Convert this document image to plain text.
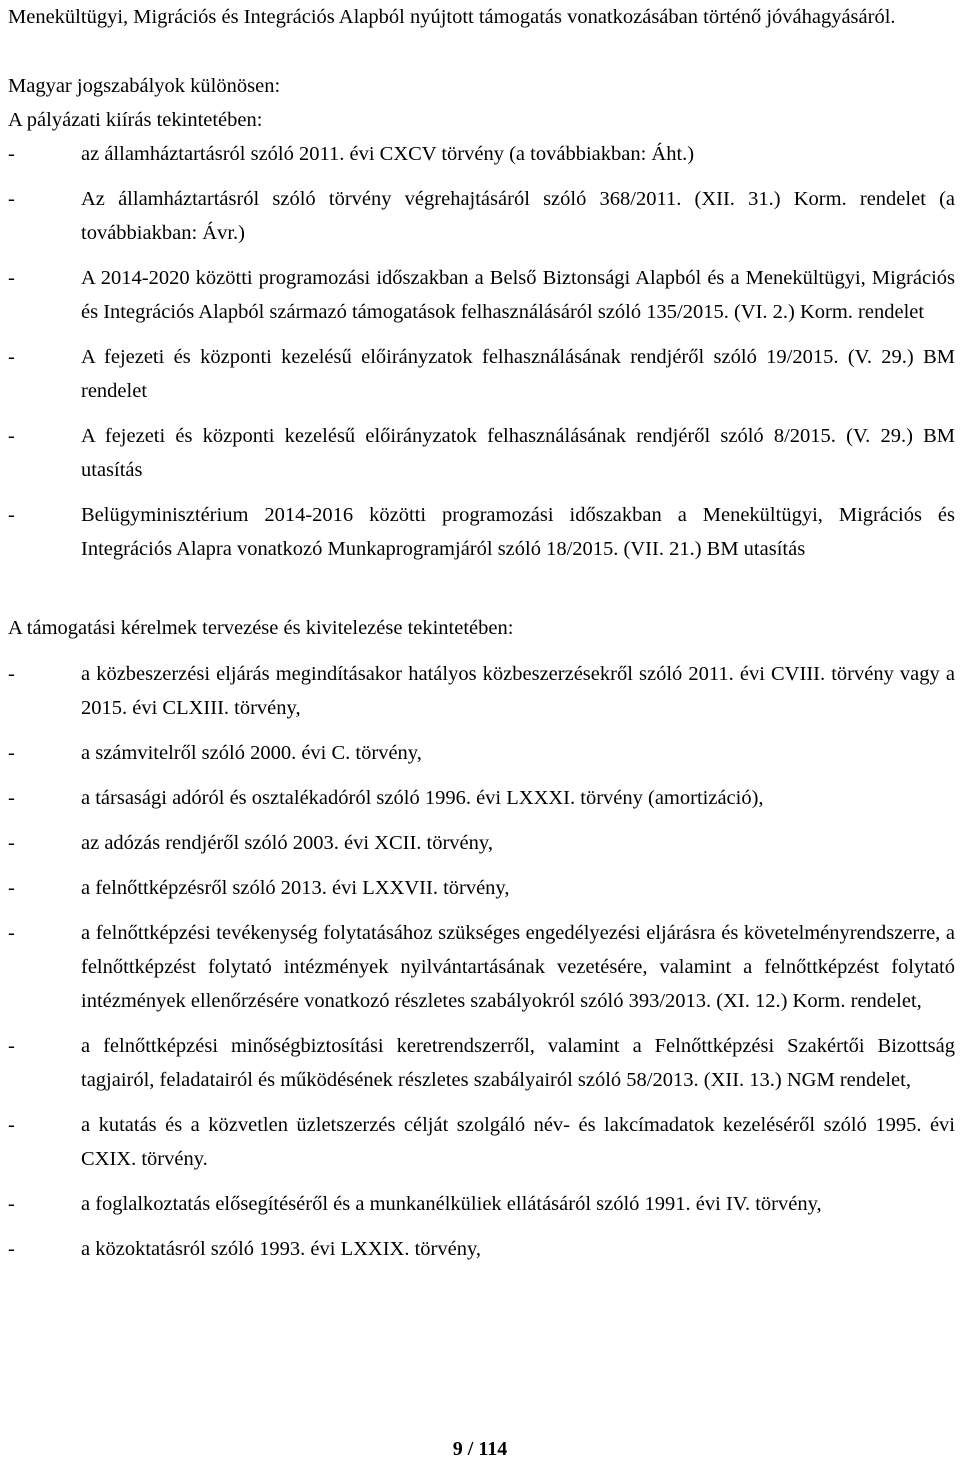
Menekültügyi, Migrációs és Integrációs Alapból nyújtott támogatás vonatkozásában történő jóváhagyásáról.

Magyar jogszabályok különösen:

A pályázati kiírás tekintetében:

- az államháztartásról szóló 2011. évi CXCV törvény (a továbbiakban: Áht.)
- Az államháztartásról szóló törvény végrehajtásáról szóló 368/2011. (XII. 31.) Korm. rendelet (a továbbiakban: Ávr.)
- A 2014-2020 közötti programozási időszakban a Belső Biztonsági Alapból és a Menekültügyi, Migrációs és Integrációs Alapból származó támogatások felhasználásáról szóló 135/2015. (VI. 2.) Korm. rendelet
- A fejezeti és központi kezelésű előirányzatok felhasználásának rendjéről szóló 19/2015. (V. 29.) BM rendelet
- A fejezeti és központi kezelésű előirányzatok felhasználásának rendjéről szóló 8/2015. (V. 29.) BM utasítás
- Belügyminisztérium 2014-2016 közötti programozási időszakban a Menekültügyi, Migrációs és Integrációs Alapra vonatkozó Munkaprogramjáról szóló 18/2015. (VII. 21.) BM utasítás

A támogatási kérelmek tervezése és kivitelezése tekintetében:

- a közbeszerzési eljárás megindításakor hatályos közbeszerzésekről szóló 2011. évi CVIII. törvény vagy a 2015. évi CLXIII. törvény,
- a számvitelről szóló 2000. évi C. törvény,
- a társasági adóról és osztalékadóról szóló 1996. évi LXXXI. törvény (amortizáció),
- az adózás rendjéről szóló 2003. évi XCII. törvény,
- a felnőttképzésről szóló 2013. évi LXXVII. törvény,
- a felnőttképzési tevékenység folytatásához szükséges engedélyezési eljárásra és követelményrendszerre, a felnőttképzést folytató intézmények nyilvántartásának vezetésére, valamint a felnőttképzést folytató intézmények ellenőrzésére vonatkozó részletes szabályokról szóló 393/2013. (XI. 12.) Korm. rendelet,
- a felnőttképzési minőségbiztosítási keretrendszerről, valamint a Felnőttképzési Szakértői Bizottság tagjairól, feladatairól és működésének részletes szabályairól szóló 58/2013. (XII. 13.) NGM rendelet,
- a kutatás és a közvetlen üzletszerzés célját szolgáló név- és lakcímadatok kezeléséről szóló 1995. évi CXIX. törvény.
- a foglalkoztatás elősegítéséről és a munkanélküliek ellátásáról szóló 1991. évi IV. törvény,
- a közoktatásról szóló 1993. évi LXXIX. törvény,
9 / 114
